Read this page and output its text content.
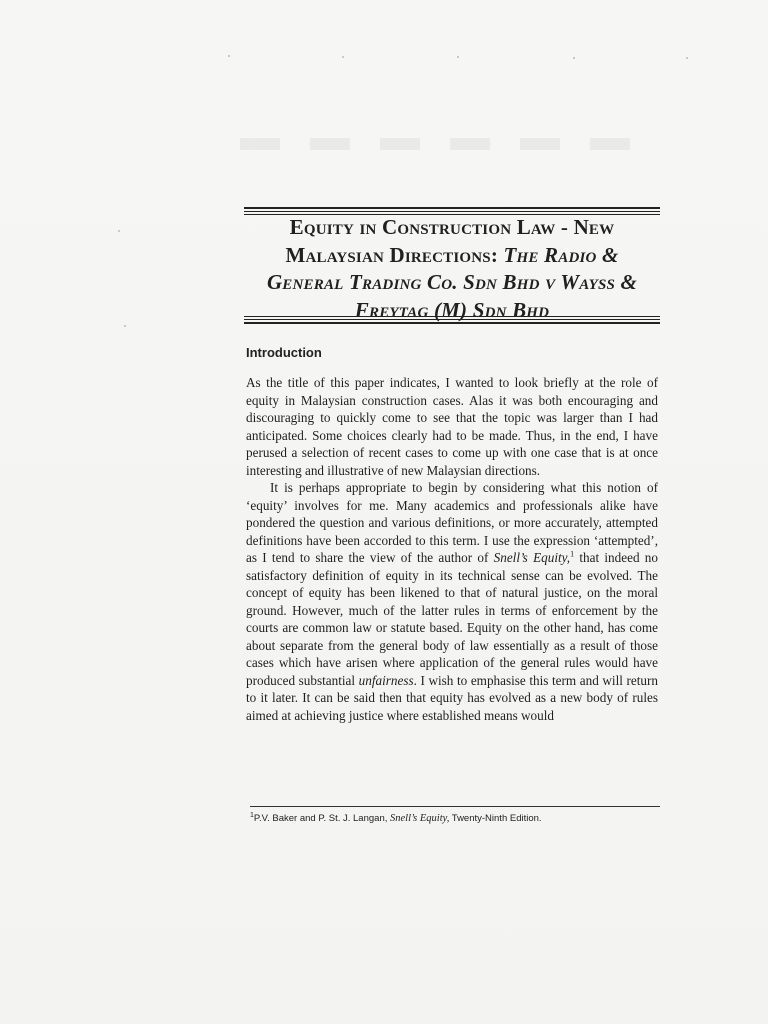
Equity in Construction Law - New
Malaysian Directions: The Radio &
General Trading Co. Sdn Bhd v Wayss &
Freytag (M) Sdn Bhd
Introduction

As the title of this paper indicates, I wanted to look briefly at the role of equity in Malaysian construction cases. Alas it was both encouraging and discouraging to quickly come to see that the topic was larger than I had anticipated. Some choices clearly had to be made. Thus, in the end, I have perused a selection of recent cases to come up with one case that is at once interesting and illustrative of new Malaysian directions.

It is perhaps appropriate to begin by considering what this notion of ‘equity’ involves for me. Many academics and professionals alike have pondered the question and various definitions, or more accurately, attempted definitions have been accorded to this term. I use the expression ‘attempted’, as I tend to share the view of the author of Snell’s Equity,$^1$ that indeed no satisfactory definition of equity in its technical sense can be evolved. The concept of equity has been likened to that of natural justice, on the moral ground. However, much of the latter rules in terms of enforcement by the courts are common law or statute based. Equity on the other hand, has come about separate from the general body of law essentially as a result of those cases which have arisen where application of the general rules would have produced substantial unfairness. I wish to emphasise this term and will return to it later. It can be said then that equity has evolved as a new body of rules aimed at achieving justice where established means would

$^1$P.V. Baker and P. St. J. Langan, Snell’s Equity, Twenty-Ninth Edition.
